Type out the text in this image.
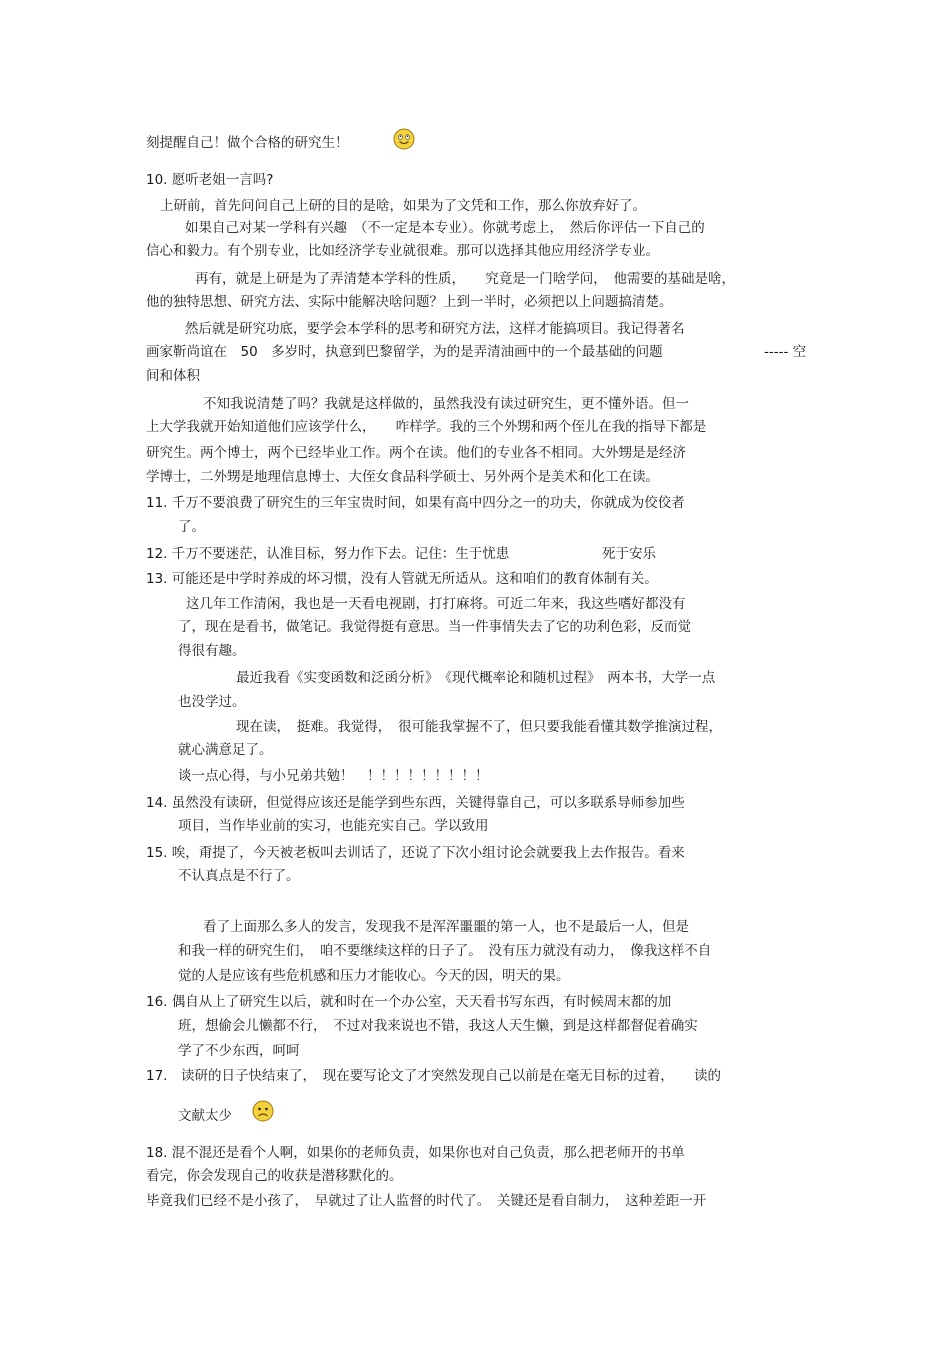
刻提醒自己！做个合格的研究生！
10. 愿听老姐一言吗?
上研前，首先问问自己上研的目的是啥，如果为了文凭和工作，那么你放弃好了。
如果自己对某一学科有兴趣　（不一定是本专业）。你就考虑上，　然后你评估一下自己的
信心和毅力。有个别专业，比如经济学专业就很难。那可以选择其他应用经济学专业。
再有，就是上研是为了弄清楚本学科的性质，　　究竟是一门啥学问，　他需要的基础是啥，
他的独特思想、研究方法、实际中能解决啥问题？上到一半时，必须把以上问题搞清楚。
然后就是研究功底，要学会本学科的思考和研究方法，这样才能搞项目。我记得著名
画家靳尚谊在　50　多岁时，执意到巴黎留学，为的是弄清油画中的一个最基础的问题	----- 空
间和体积
不知我说清楚了吗？我就是这样做的，虽然我没有读过研究生，更不懂外语。但一
上大学我就开始知道他们应该学什么，　　咋样学。我的三个外甥和两个侄儿在我的指导下都是
研究生。两个博士，两个已经毕业工作。两个在读。他们的专业各不相同。大外甥是是经济
学博士，二外甥是地理信息博士、大侄女食品科学硕士、另外两个是美术和化工在读。
11. 千万不要浪费了研究生的三年宝贵时间，如果有高中四分之一的功夫，你就成为佼佼者
了。
12. 千万不要迷茫，认准目标，努力作下去。记住：生于忧患	死于安乐
13. 可能还是中学时养成的坏习惯，没有人管就无所适从。这和咱们的教育体制有关。
这几年工作清闲，我也是一天看电视剧，打打麻将。可近二年来，我这些嗜好都没有
了，现在是看书，做笔记。我觉得挺有意思。当一件事情失去了它的功利色彩，反而觉
得很有趣。
最近我看《实变函数和泛函分析》　《现代概率论和随机过程》　两本书，大学一点
也没学过。
现在读，　挺难。我觉得，　很可能我掌握不了，但只要我能看懂其数学推演过程，
就心满意足了。
谈一点心得，与小兄弟共勉！　！！！！！！！！！
14. 虽然没有读研，但觉得应该还是能学到些东西，关键得靠自己，可以多联系导师参加些
项目，当作毕业前的实习，也能充实自己。学以致用
15. 唉，甭提了，今天被老板叫去训话了，还说了下次小组讨论会就要我上去作报告。看来
不认真点是不行了。
看了上面那么多人的发言，发现我不是浑浑噩噩的第一人，也不是最后一人，但是
和我一样的研究生们，　咱不要继续这样的日子了。　没有压力就没有动力，　像我这样不自
觉的人是应该有些危机感和压力才能收心。今天的因，明天的果。
16. 偶自从上了研究生以后，就和时在一个办公室，天天看书写东西，有时候周末都的加
班，想偷会儿懒都不行，　不过对我来说也不错，我这人天生懒，到是这样都督促着确实
学了不少东西，呵呵
17.　读研的日子快结束了，　现在要写论文了才突然发现自己以前是在毫无目标的过着，　　读的
文献太少
18. 混不混还是看个人啊，如果你的老师负责，如果你也对自己负责，那么把老师开的书单
看完，你会发现自己的收获是潜移默化的。
毕竟我们已经不是小孩了，　早就过了让人监督的时代了。　关键还是看自制力，　这种差距一开
